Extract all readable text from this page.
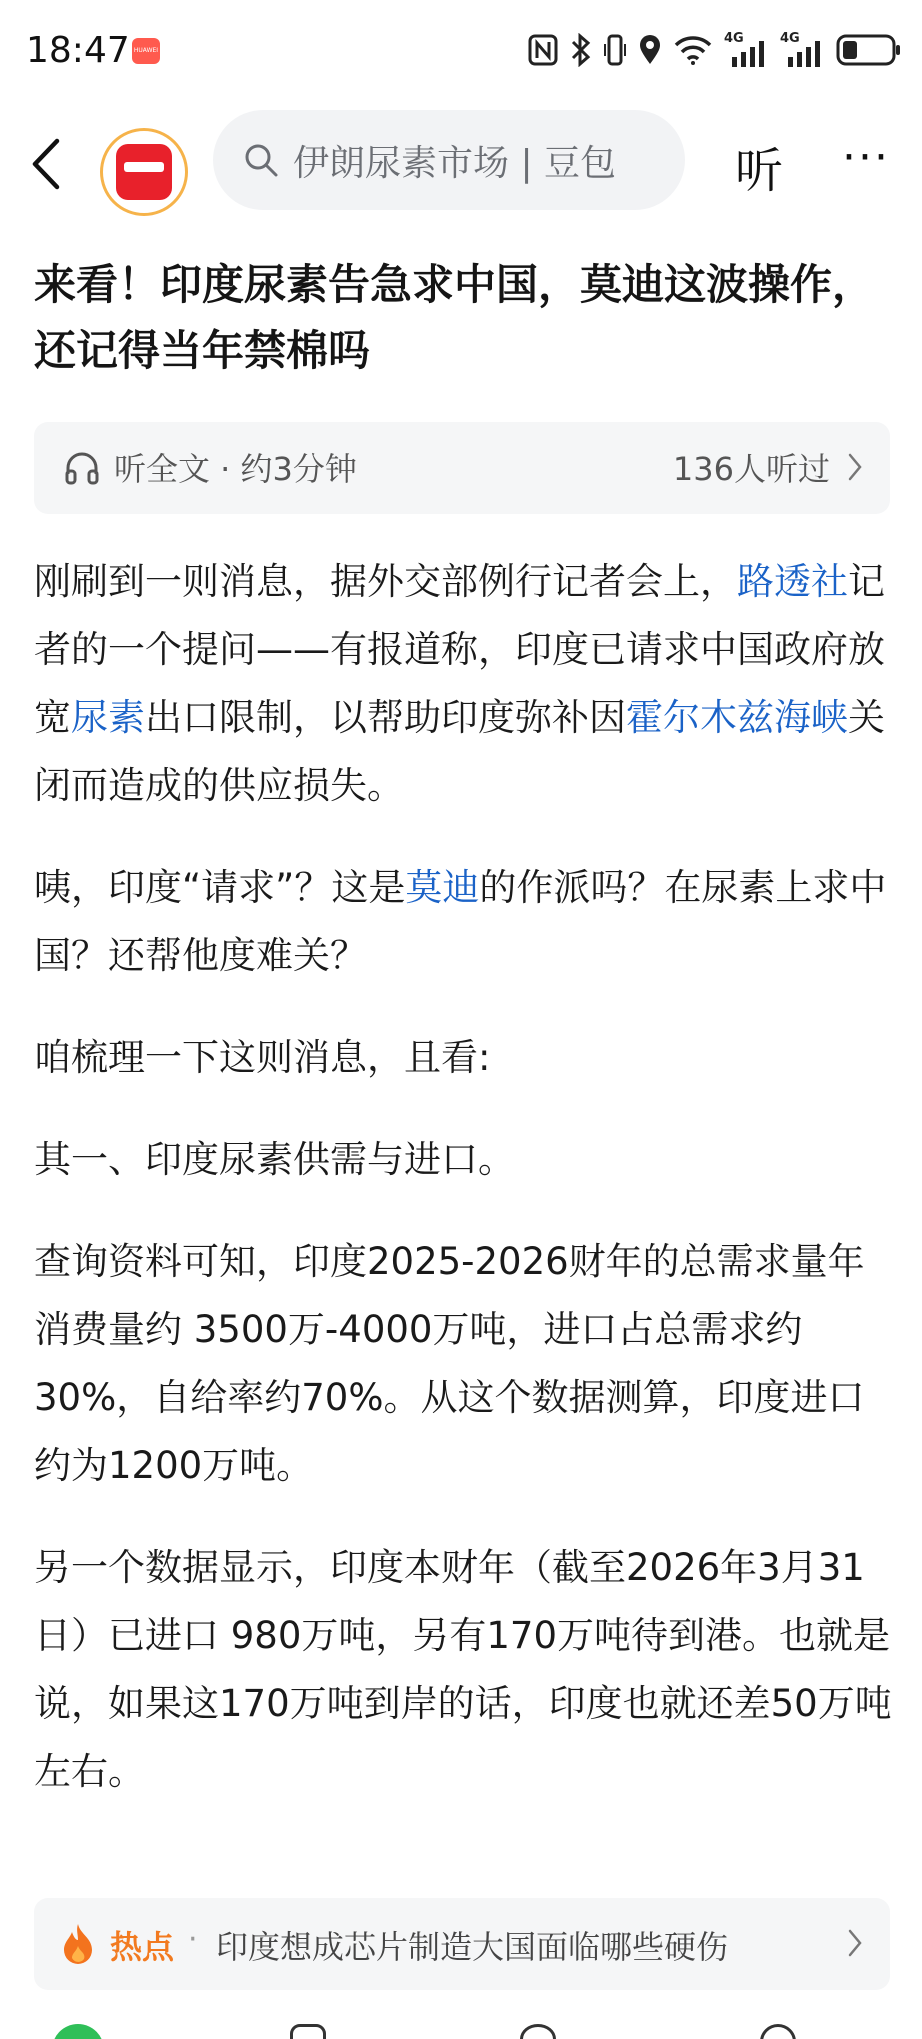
18:47 HUAWEI
4G	4G
伊朗尿素市场 | 豆包 听 ···
来看！印度尿素告急求中国，莫迪这波操作，还记得当年禁棉吗
听全文 · 约3分钟	136人听过

刚刷到一则消息，据外交部例行记者会上，路透社记者的一个提问——有报道称，印度已请求中国政府放宽尿素出口限制，以帮助印度弥补因霍尔木兹海峡关闭而造成的供应损失。

咦，印度“请求”？这是莫迪的作派吗？在尿素上求中国？还帮他度难关？

咱梳理一下这则消息，且看:

其一、印度尿素供需与进口。

查询资料可知，印度2025-2026财年的总需求量年消费量约 3500万-4000万吨，进口占总需求约30%，自给率约70%。从这个数据测算，印度进口约为1200万吨。

另一个数据显示，印度本财年（截至2026年3月31日）已进口 980万吨，另有170万吨待到港。也就是说，如果这170万吨到岸的话，印度也就还差50万吨左右。

热点 · 印度想成芯片制造大国面临哪些硬伤
